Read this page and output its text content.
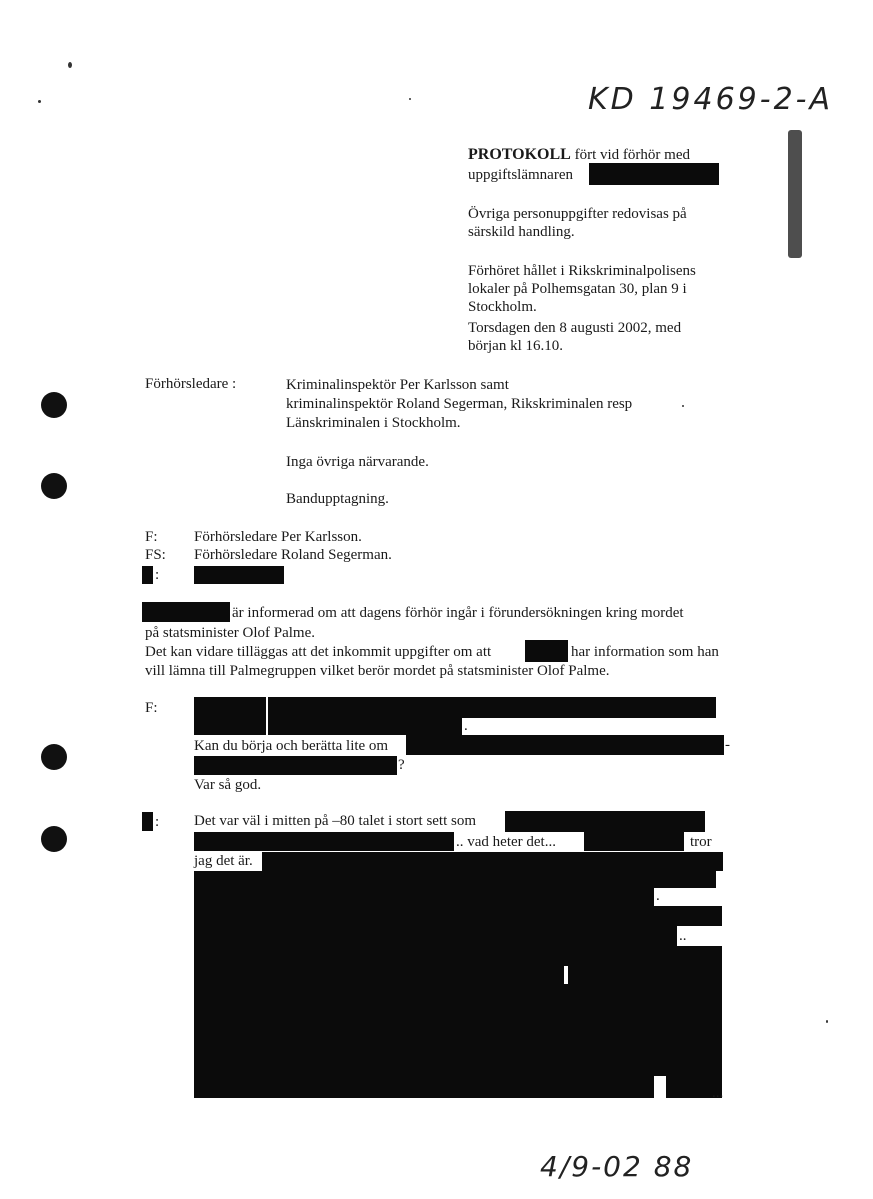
KD 19469-2-A
PROTOKOLL fört vid förhör med
uppgiftslämnaren
Övriga personuppgifter redovisas på
särskild handling.
Förhöret hållet i Rikskriminalpolisens
lokaler på Polhemsgatan 30, plan 9 i
Stockholm.
Torsdagen den 8 augusti 2002, med
början kl 16.10.
Förhörsledare :	Kriminalinspektör Per Karlsson samt
kriminalinspektör Roland Segerman, Rikskriminalen resp
Länskriminalen i Stockholm.
Inga övriga närvarande.
Bandupptagning.
F: Förhörsledare Per Karlsson.
FS: Förhörsledare Roland Segerman.
:
är informerad om att dagens förhör ingår i förundersökningen kring mordet
på statsminister Olof Palme.
Det kan vidare tilläggas att det inkommit uppgifter om att	har information som han
vill lämna till Palmegruppen vilket berör mordet på statsminister Olof Palme.
F:
.
Kan du börja och berätta lite om	-
?
Var så god.
: Det var väl i mitten på –80 talet i stort sett som
.. vad heter det...	tror
jag det är.
.
..
...
4/9-02 88
